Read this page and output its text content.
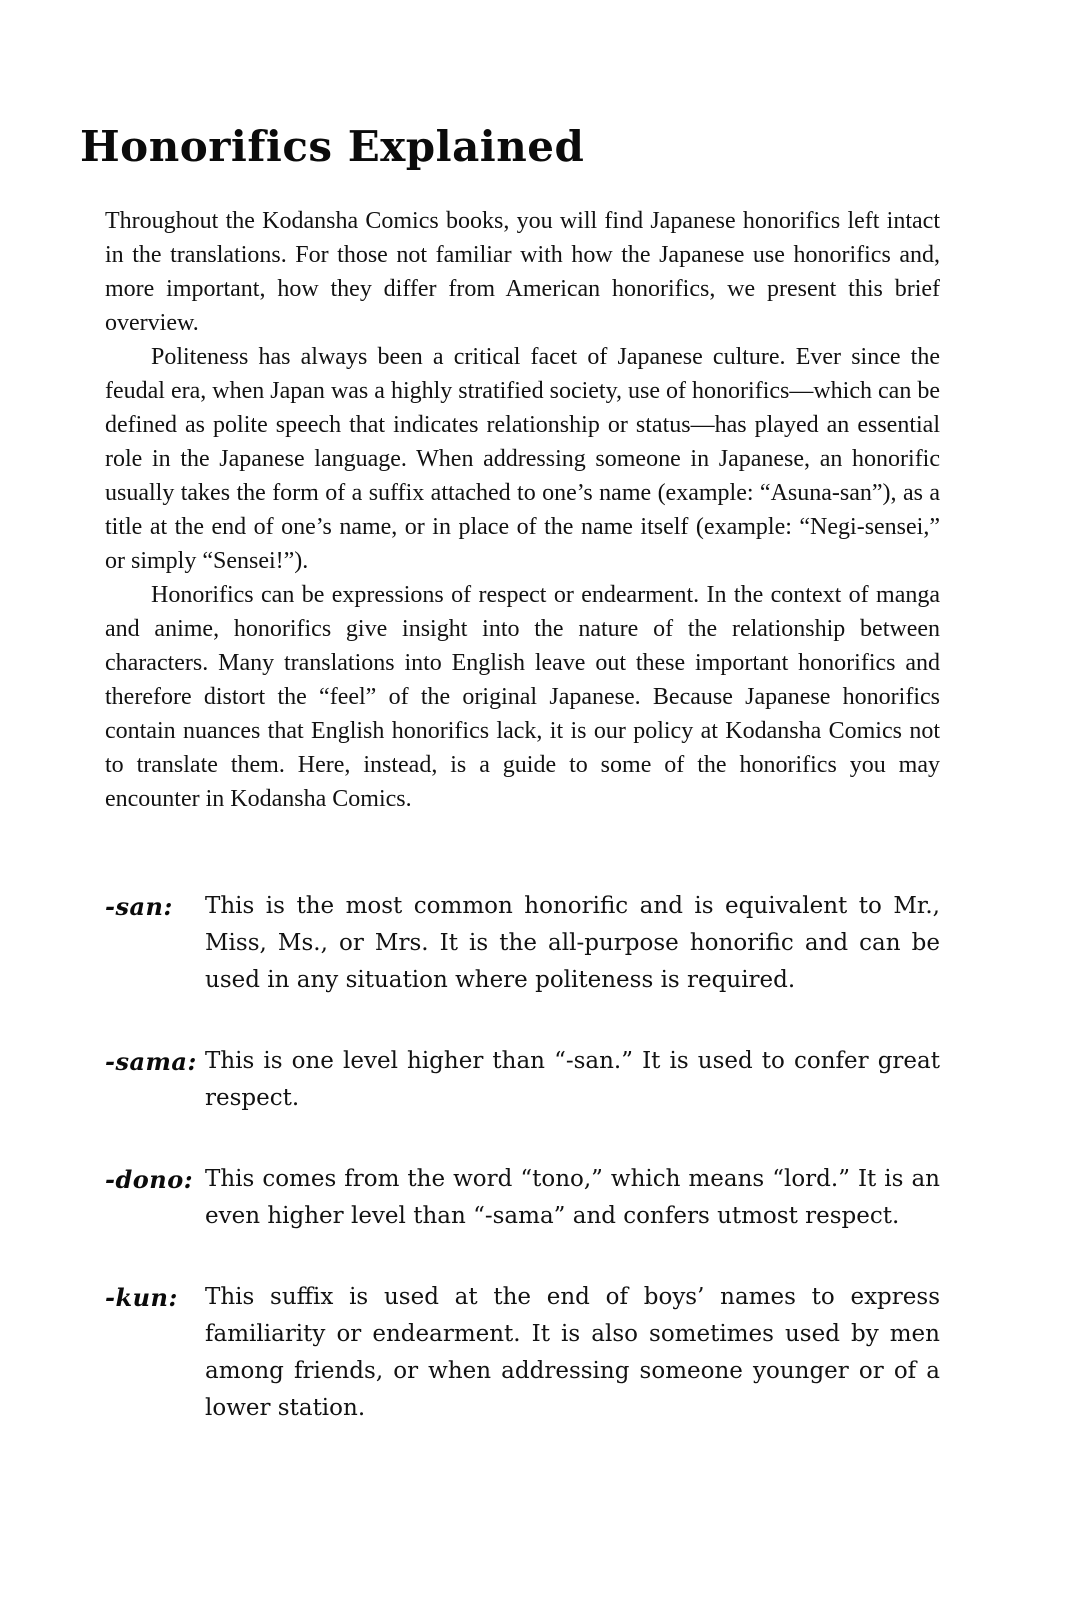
Honorifics Explained

Throughout the Kodansha Comics books, you will find Japanese honorifics left intact in the translations. For those not familiar with how the Japanese use honorifics and, more important, how they differ from American honorifics, we present this brief overview.

Politeness has always been a critical facet of Japanese culture. Ever since the feudal era, when Japan was a highly stratified society, use of honorifics—which can be defined as polite speech that indicates relationship or status—has played an essential role in the Japanese language. When addressing someone in Japanese, an honorific usually takes the form of a suffix attached to one’s name (example: “Asuna-san”), as a title at the end of one’s name, or in place of the name itself (example: “Negi-sensei,” or simply “Sensei!”).

Honorifics can be expressions of respect or endearment. In the context of manga and anime, honorifics give insight into the nature of the relationship between characters. Many translations into English leave out these important honorifics and therefore distort the “feel” of the original Japanese. Because Japanese honorifics contain nuances that English honorifics lack, it is our policy at Kodansha Comics not to translate them. Here, instead, is a guide to some of the honorifics you may encounter in Kodansha Comics.

-san:	This is the most common honorific and is equivalent to Mr., Miss, Ms., or Mrs. It is the all-purpose honorific and can be used in any situation where politeness is required.
-sama: This is one level higher than “-san.” It is used to confer great respect.
-dono: This comes from the word “tono,” which means “lord.” It is an even higher level than “-sama” and confers utmost respect.
-kun:	This suffix is used at the end of boys’ names to express familiarity or endearment. It is also sometimes used by men among friends, or when addressing someone younger or of a lower station.
